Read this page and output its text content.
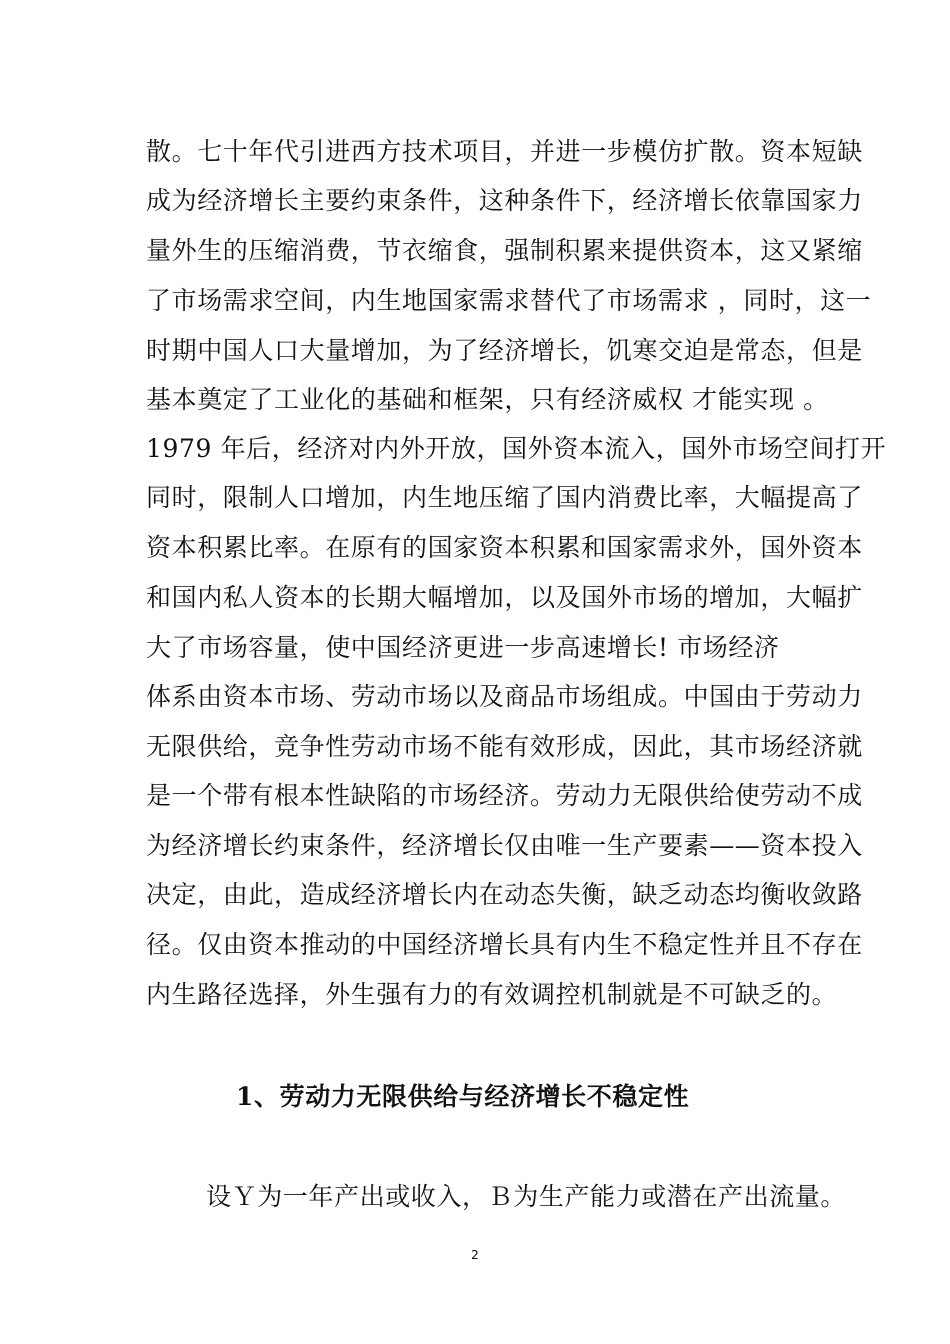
散。七十年代引进西方技术项目，并进一步模仿扩散。资本短缺
成为经济增长主要约束条件，这种条件下，经济增长依靠国家力
量外生的压缩消费，节衣缩食，强制积累来提供资本，这又紧缩
了市场需求空间，内生地国家需求替代了市场需求 ，同时，这一
时期中国人口大量增加，为了经济增长，饥寒交迫是常态，但是
基本奠定了工业化的基础和框架，只有经济威权 才能实现 。
1979 年后，经济对内外开放，国外资本流入，国外市场空间打开
同时，限制人口增加，内生地压缩了国内消费比率，大幅提高了
资本积累比率。在原有的国家资本积累和国家需求外，国外资本
和国内私人资本的长期大幅增加，以及国外市场的增加，大幅扩
大了市场容量，使中国经济更进一步高速增长! 市场经济
体系由资本市场、劳动市场以及商品市场组成。中国由于劳动力
无限供给，竞争性劳动市场不能有效形成，因此，其市场经济就
是一个带有根本性缺陷的市场经济。劳动力无限供给使劳动不成
为经济增长约束条件，经济增长仅由唯一生产要素——资本投入
决定，由此，造成经济增长内在动态失衡，缺乏动态均衡收敛路
径。仅由资本推动的中国经济增长具有内生不稳定性并且不存在
内生路径选择，外生强有力的有效调控机制就是不可缺乏的。
1、劳动力无限供给与经济增长不稳定性
设Ｙ为一年产出或收入，Ｂ为生产能力或潜在产出流量。
2
